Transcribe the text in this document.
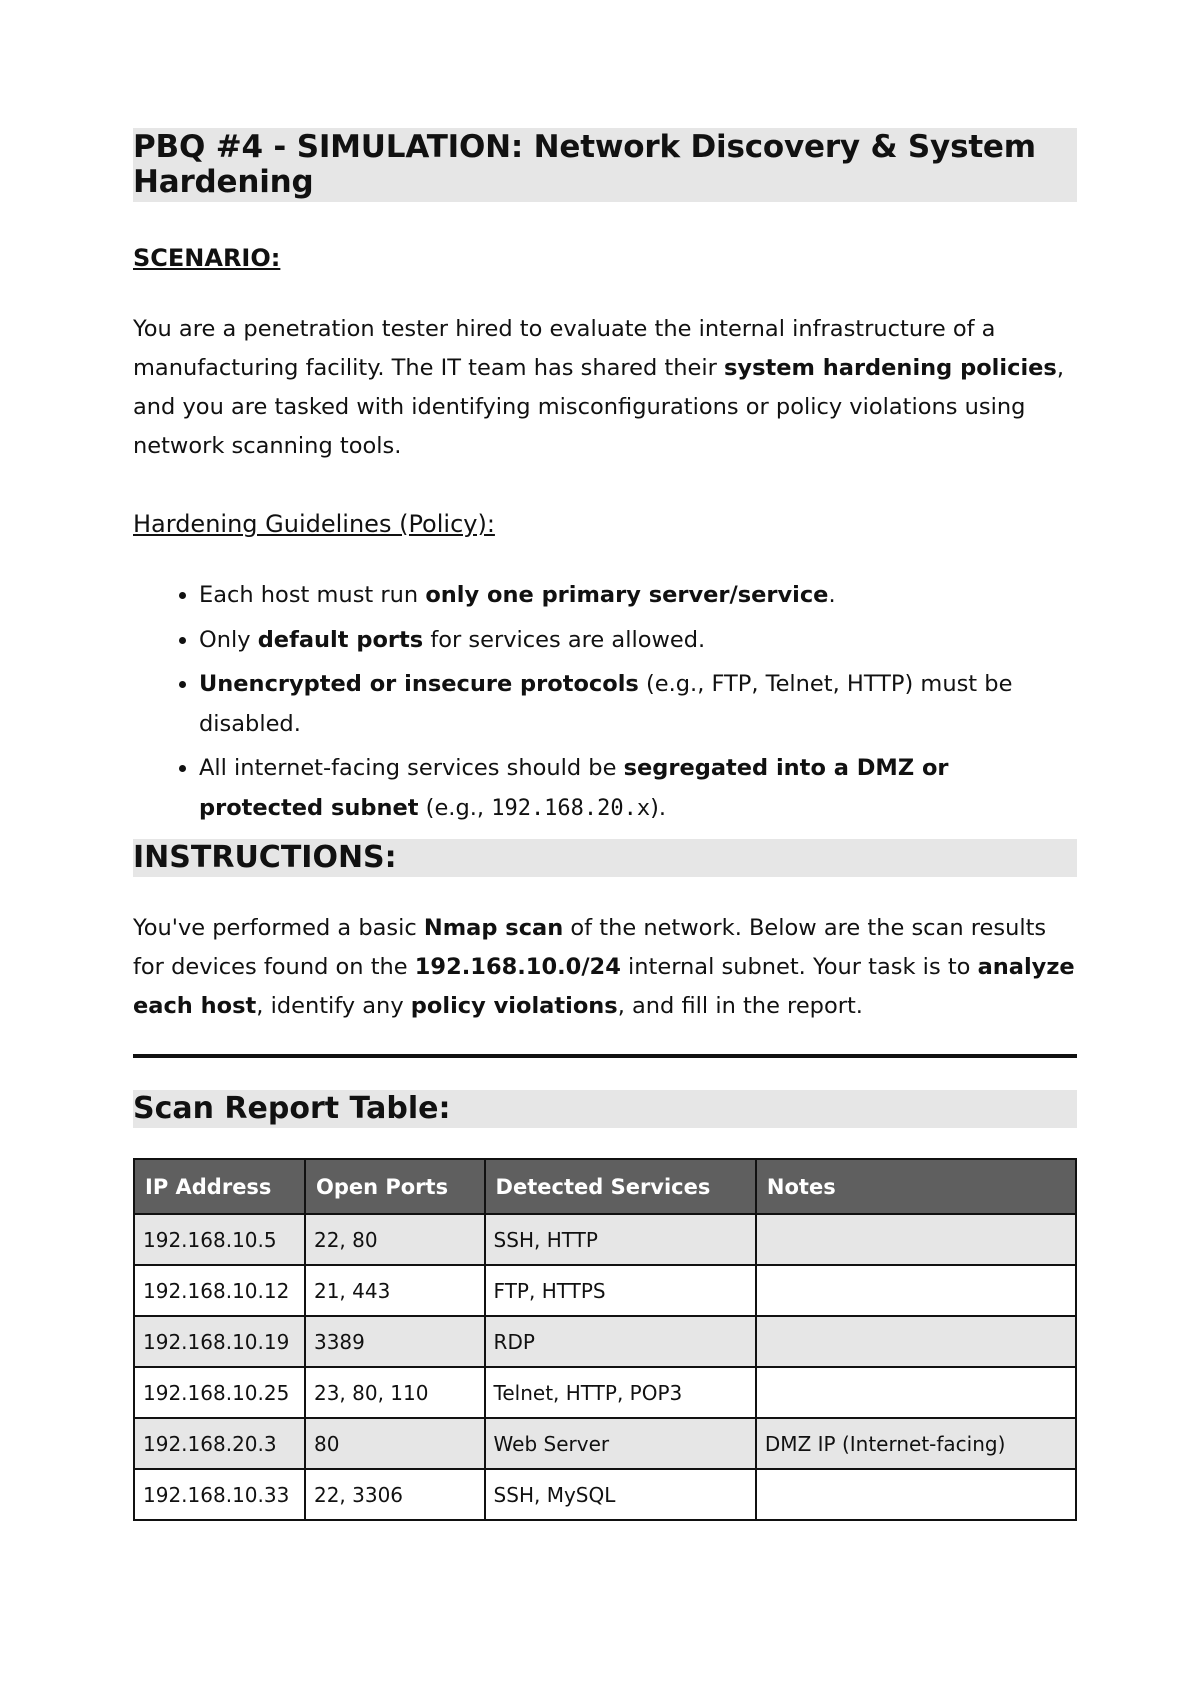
PBQ #4 - SIMULATION: Network Discovery & System Hardening
SCENARIO:

You are a penetration tester hired to evaluate the internal infrastructure of a manufacturing facility. The IT team has shared their system hardening policies, and you are tasked with identifying misconfigurations or policy violations using network scanning tools.

Hardening Guidelines (Policy):
• Each host must run only one primary server/service.
• Only default ports for services are allowed.
• Unencrypted or insecure protocols (e.g., FTP, Telnet, HTTP) must be disabled.
• All internet-facing services should be segregated into a DMZ or protected subnet (e.g., 192.168.20.x).
INSTRUCTIONS:

You've performed a basic Nmap scan of the network. Below are the scan results for devices found on the 192.168.10.0/24 internal subnet. Your task is to analyze each host, identify any policy violations, and fill in the report.

Scan Report Table:
IP Address	Open Ports	Detected Services	Notes
192.168.10.5	22, 80	SSH, HTTP	
192.168.10.12	21, 443	FTP, HTTPS	
192.168.10.19	3389	RDP	
192.168.10.25	23, 80, 110	Telnet, HTTP, POP3	
192.168.20.3	80	Web Server	DMZ IP (Internet-facing)
192.168.10.33	22, 3306	SSH, MySQL	
